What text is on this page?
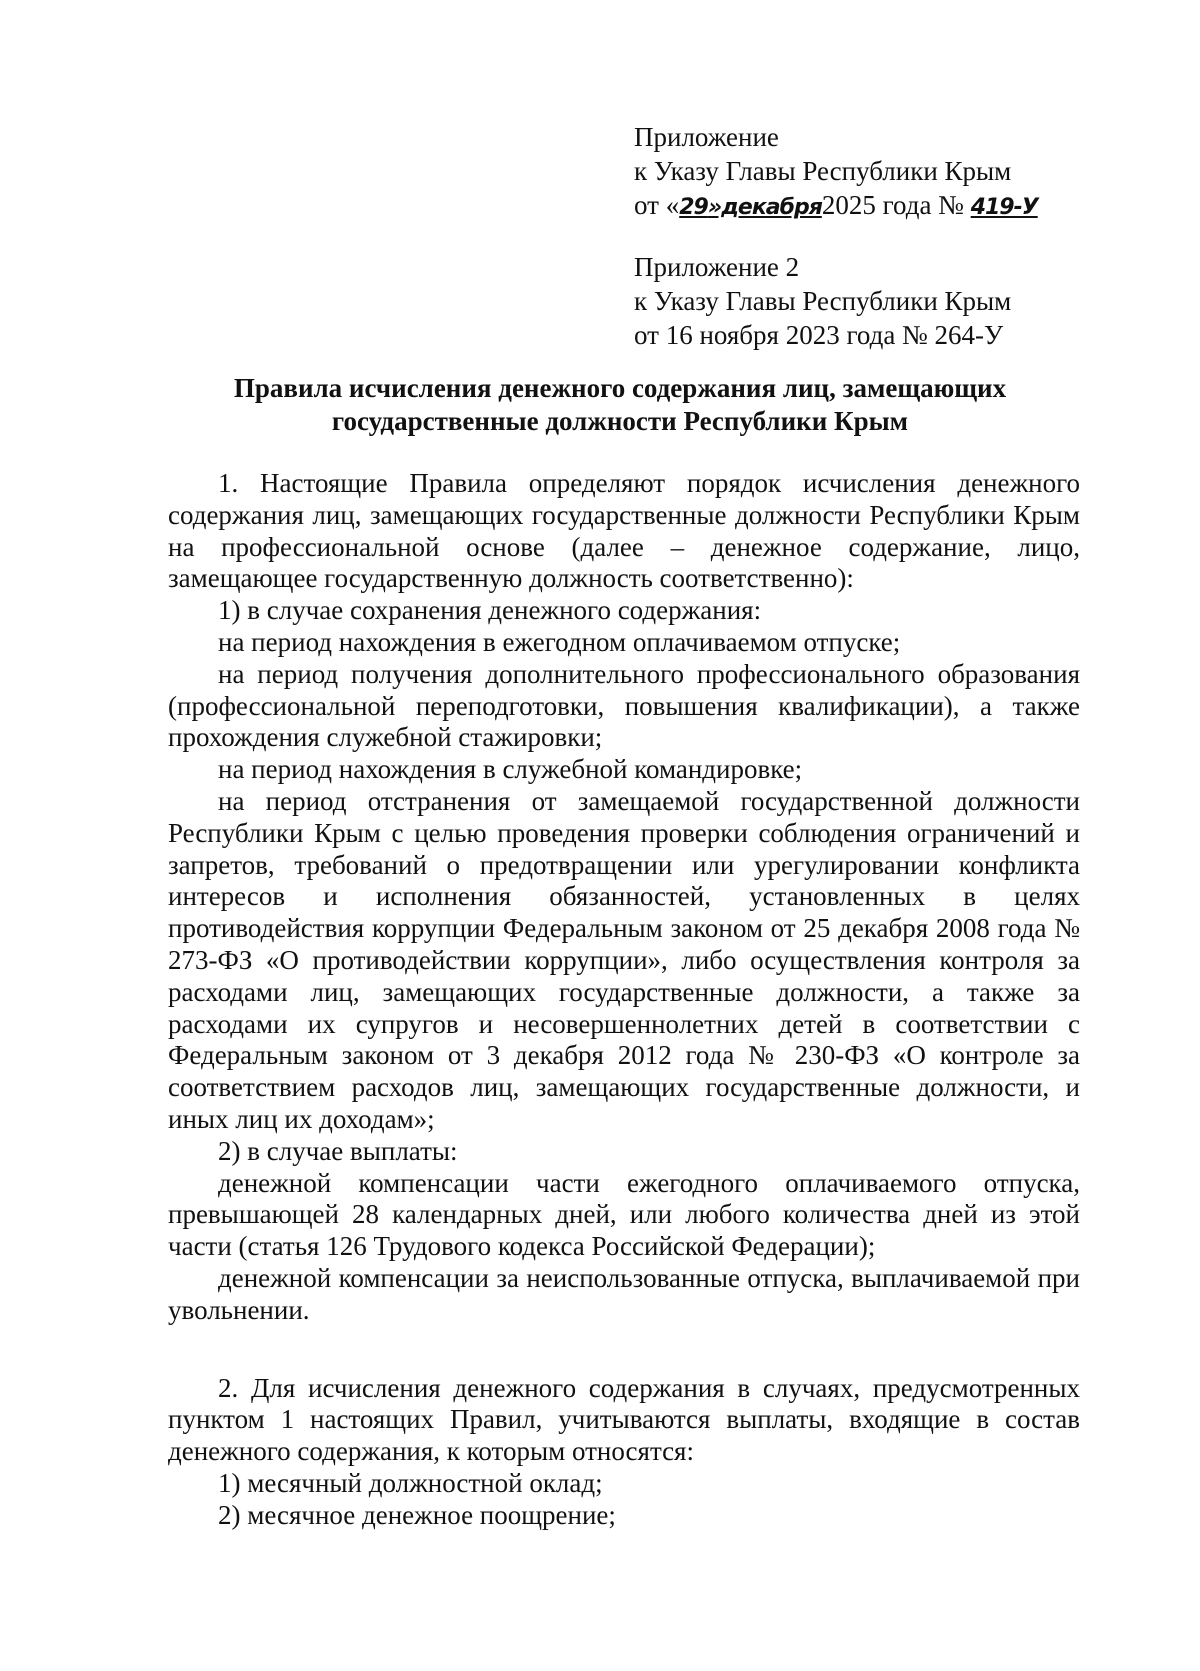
Приложение
к Указу Главы Республики Крым
от «29»декабря2025 года № 419-У
Приложение 2
к Указу Главы Республики Крым
от 16 ноября 2023 года № 264-У
Правила исчисления денежного содержания лиц, замещающих
государственные должности Республики Крым

1. Настоящие Правила определяют порядок исчисления денежного содержания лиц, замещающих государственные должности Республики Крым на профессиональной основе (далее – денежное содержание, лицо, замещающее государственную должность соответственно):

1) в случае сохранения денежного содержания:

на период нахождения в ежегодном оплачиваемом отпуске;

на период получения дополнительного профессионального образования (профессиональной переподготовки, повышения квалификации), а также прохождения служебной стажировки;

на период нахождения в служебной командировке;

на период отстранения от замещаемой государственной должности Республики Крым с целью проведения проверки соблюдения ограничений и запретов, требований о предотвращении или урегулировании конфликта интересов и исполнения обязанностей, установленных в целях противодействия коррупции Федеральным законом от 25 декабря 2008 года № 273-ФЗ «О противодействии коррупции», либо осуществления контроля за расходами лиц, замещающих государственные должности, а также за расходами их супругов и несовершеннолетних детей в соответствии с Федеральным законом от 3 декабря 2012 года № 230-ФЗ «О контроле за соответствием расходов лиц, замещающих государственные должности, и иных лиц их доходам»;

2) в случае выплаты:

денежной компенсации части ежегодного оплачиваемого отпуска, превышающей 28 календарных дней, или любого количества дней из этой части (статья 126 Трудового кодекса Российской Федерации);

денежной компенсации за неиспользованные отпуска, выплачиваемой при увольнении.

2. Для исчисления денежного содержания в случаях, предусмотренных пунктом 1 настоящих Правил, учитываются выплаты, входящие в состав денежного содержания, к которым относятся:

1) месячный должностной оклад;

2) месячное денежное поощрение;
